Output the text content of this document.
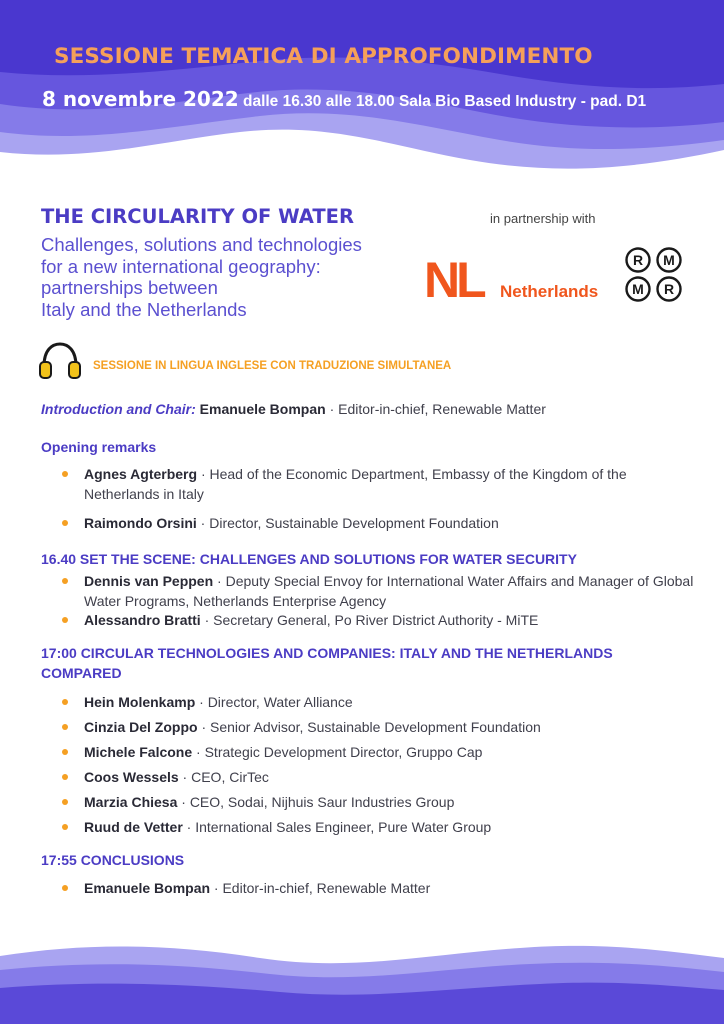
SESSIONE TEMATICA DI APPROFONDIMENTO
8 novembre 2022 dalle 16.30 alle 18.00 Sala Bio Based Industry - pad. D1
THE CIRCULARITY OF WATER
Challenges, solutions and technologies
for a new international geography:
partnerships between
Italy and the Netherlands
in partnership with
NL Netherlands
R M
M R
SESSIONE IN LINGUA INGLESE CON TRADUZIONE SIMULTANEA
Introduction and Chair: Emanuele Bompan · Editor-in-chief, Renewable Matter
Opening remarks
Agnes Agterberg · Head of the Economic Department, Embassy of the Kingdom of the Netherlands in Italy
Raimondo Orsini · Director, Sustainable Development Foundation
16.40 SET THE SCENE: CHALLENGES AND SOLUTIONS FOR WATER SECURITY
Dennis van Peppen · Deputy Special Envoy for International Water Affairs and Manager of Global Water Programs, Netherlands Enterprise Agency
Alessandro Bratti · Secretary General, Po River District Authority - MiTE
17:00 CIRCULAR TECHNOLOGIES AND COMPANIES: ITALY AND THE NETHERLANDS COMPARED
Hein Molenkamp · Director, Water Alliance
Cinzia Del Zoppo · Senior Advisor, Sustainable Development Foundation
Michele Falcone · Strategic Development Director, Gruppo Cap
Coos Wessels · CEO, CirTec
Marzia Chiesa · CEO, Sodai, Nijhuis Saur Industries Group
Ruud de Vetter · International Sales Engineer, Pure Water Group
17:55 CONCLUSIONS
Emanuele Bompan · Editor-in-chief, Renewable Matter
